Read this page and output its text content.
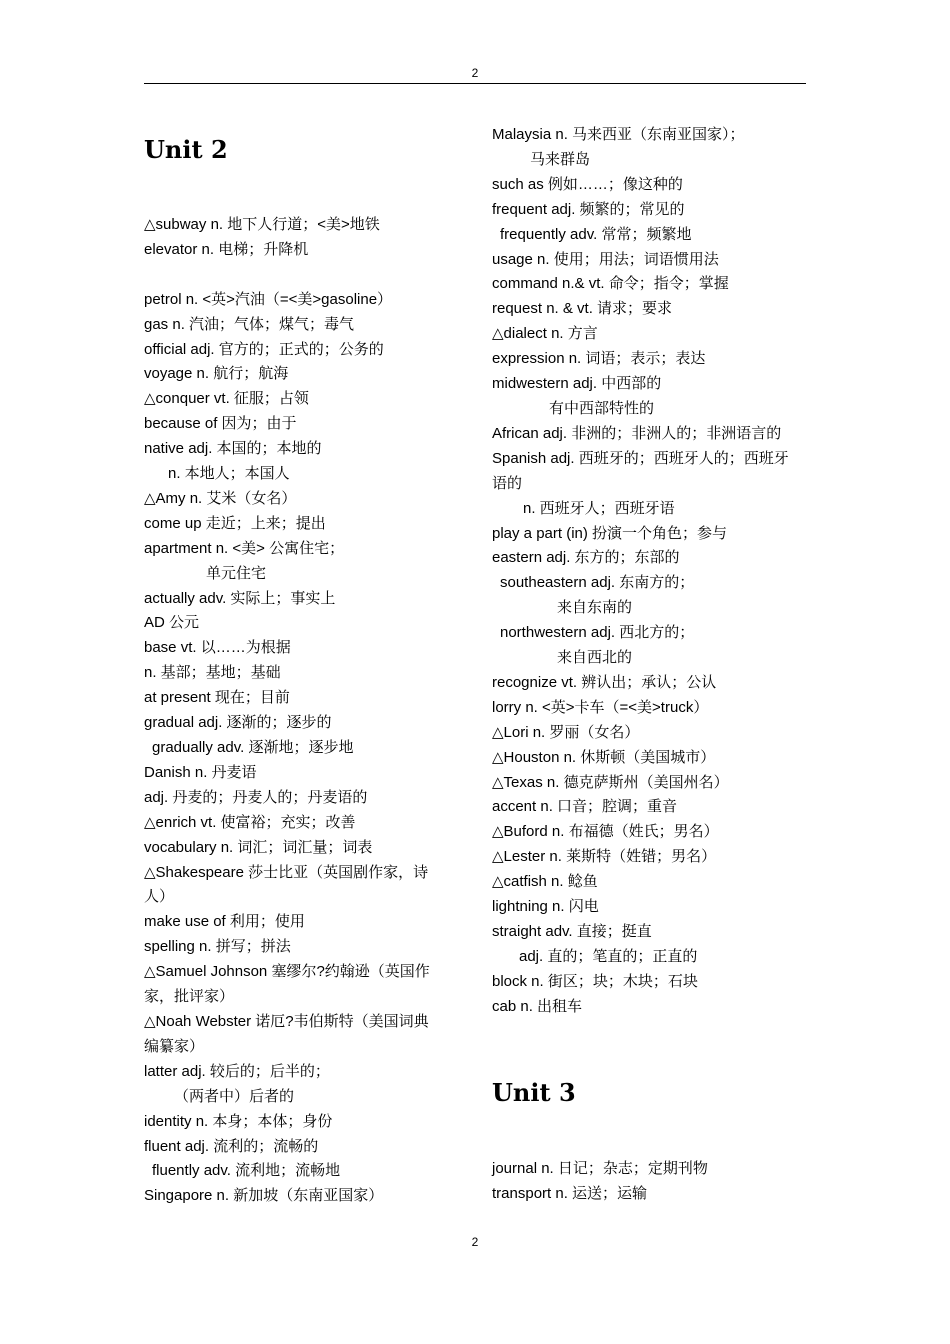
2
Unit 2
△subway n. 地下人行道；<美>地铁
elevator n. 电梯；升降机
petrol n. <英>汽油（=<美>gasoline）
gas n. 汽油；气体；煤气；毒气
official adj. 官方的；正式的；公务的
voyage n. 航行；航海
△conquer vt. 征服；占领
because of 因为；由于
native adj. 本国的；本地的
n. 本地人；本国人
△Amy n. 艾米（女名）
come up 走近；上来；提出
apartment n. <美> 公寓住宅；
单元住宅
actually adv. 实际上；事实上
AD 公元
base vt. 以……为根据
n. 基部；基地；基础
at present 现在；目前
gradual adj. 逐渐的；逐步的
gradually adv. 逐渐地；逐步地
Danish n. 丹麦语
adj. 丹麦的；丹麦人的；丹麦语的
△enrich vt. 使富裕；充实；改善
vocabulary n. 词汇；词汇量；词表
△Shakespeare 莎士比亚（英国剧作家，诗
人）
make use of 利用；使用
spelling n. 拼写；拼法
△Samuel Johnson 塞缪尔?约翰逊（英国作
家，批评家）
△Noah Webster 诺厄?韦伯斯特（美国词典
编纂家）
latter adj. 较后的；后半的；
（两者中）后者的
identity n. 本身；本体；身份
fluent adj. 流利的；流畅的
fluently adv. 流利地；流畅地
Singapore n. 新加坡（东南亚国家）
Malaysia n. 马来西亚（东南亚国家）；
马来群岛
such as 例如……；像这种的
frequent adj. 频繁的；常见的
frequently adv. 常常；频繁地
usage n. 使用；用法；词语惯用法
command n.& vt. 命令；指令；掌握
request n. & vt. 请求；要求
△dialect n. 方言
expression n. 词语；表示；表达
midwestern adj. 中西部的
有中西部特性的
African adj. 非洲的；非洲人的；非洲语言的
Spanish adj. 西班牙的；西班牙人的；西班牙
语的
n. 西班牙人；西班牙语
play a part (in) 扮演一个角色；参与
eastern adj. 东方的；东部的
southeastern adj. 东南方的；
来自东南的
northwestern adj. 西北方的；
来自西北的
recognize vt. 辨认出；承认；公认
lorry n. <英>卡车（=<美>truck）
△Lori n. 罗丽（女名）
△Houston n. 休斯顿（美国城市）
△Texas n. 德克萨斯州（美国州名）
accent n. 口音；腔调；重音
△Buford n. 布福德（姓氏；男名）
△Lester n. 莱斯特（姓错；男名）
△catfish n. 鲶鱼
lightning n. 闪电
straight adv. 直接；挺直
adj. 直的；笔直的；正直的
block n. 街区；块；木块；石块
cab n. 出租车
Unit 3
journal n. 日记；杂志；定期刊物
transport n. 运送；运输
2
